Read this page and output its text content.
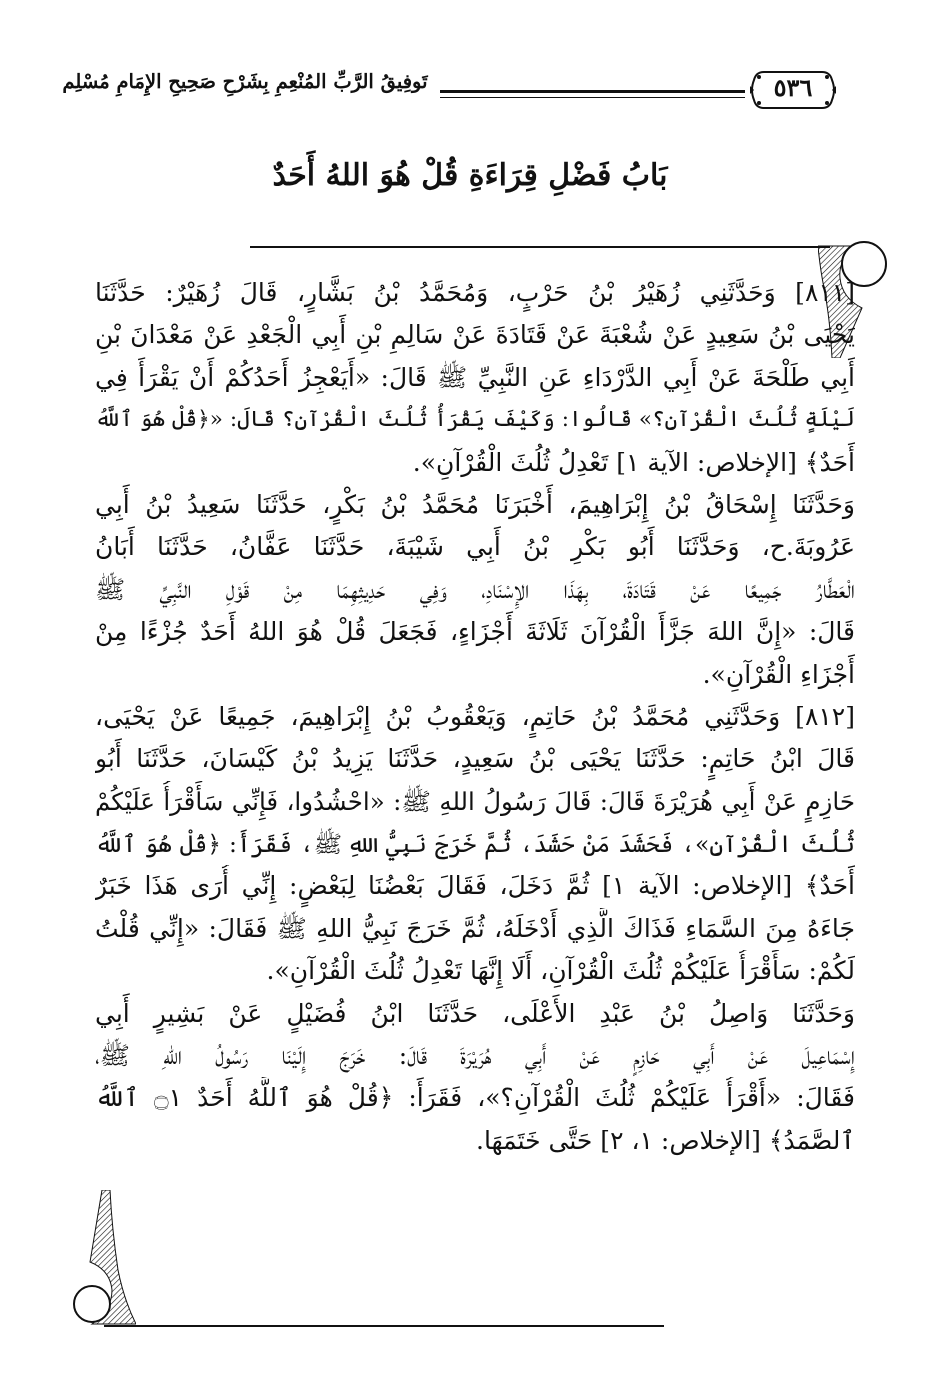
تَوفِيقُ الرَّبِّ المُنْعِمِ بِشَرْحِ صَحِيحِ الإِمَامِ مُسْلِم	٥٣٦
بَابُ فَضْلِ قِرَاءَةِ قُلْ هُوَ اللهُ أَحَدٌ
[٨١١] وَحَدَّثَنِي زُهَيْرُ بْنُ حَرْبٍ، وَمُحَمَّدُ بْنُ بَشَّارٍ، قَالَ زُهَيْرٌ: حَدَّثَنَا
يَحْيَى بْنُ سَعِيدٍ عَنْ شُعْبَةَ عَنْ قَتَادَةَ عَنْ سَالِمِ بْنِ أَبِي الْجَعْدِ عَنْ مَعْدَانَ بْنِ
أَبِي طَلْحَةَ عَنْ أَبِي الدَّرْدَاءِ عَنِ النَّبِيِّ ﷺ قَالَ: «أَيَعْجِزُ أَحَدُكُمْ أَنْ يَقْرَأَ فِي
لَيْلَةٍ ثُلُثَ الْقُرْآنِ؟» قَالُوا: وَكَيْفَ يَقْرَأُ ثُلُثَ الْقُرْآنِ؟ قَالَ: «﴿قُلْ هُوَ ٱللَّهُ
أَحَدٌ﴾ [الإخلاص: الآية ١] تَعْدِلُ ثُلُثَ الْقُرْآنِ».
وَحَدَّثَنَا إِسْحَاقُ بْنُ إِبْرَاهِيمَ، أَخْبَرَنَا مُحَمَّدُ بْنُ بَكْرٍ، حَدَّثَنَا سَعِيدُ بْنُ أَبِي
عَرُوبَةَ.ح، وَحَدَّثَنَا أَبُو بَكْرِ بْنُ أَبِي شَيْبَةَ، حَدَّثَنَا عَفَّانُ، حَدَّثَنَا أَبَانُ
الْعَطَّارُ جَمِيعًا عَنْ قَتَادَةَ، بِهَذَا الإِسْنَادِ، وَفِي حَدِيثِهِمَا مِنْ قَوْلِ النَّبِيِّ ﷺ
قَالَ: «إِنَّ اللهَ جَزَّأَ الْقُرْآنَ ثَلَاثَةَ أَجْزَاءٍ، فَجَعَلَ قُلْ هُوَ اللهُ أَحَدٌ جُزْءًا مِنْ
أَجْزَاءِ الْقُرْآنِ».
[٨١٢] وَحَدَّثَنِي مُحَمَّدُ بْنُ حَاتِمٍ، وَيَعْقُوبُ بْنُ إِبْرَاهِيمَ، جَمِيعًا عَنْ يَحْيَى،
قَالَ ابْنُ حَاتِمٍ: حَدَّثَنَا يَحْيَى بْنُ سَعِيدٍ، حَدَّثَنَا يَزِيدُ بْنُ كَيْسَانَ، حَدَّثَنَا أَبُو
حَازِمٍ عَنْ أَبِي هُرَيْرَةَ قَالَ: قَالَ رَسُولُ اللهِ ﷺ: «احْشُدُوا، فَإِنِّي سَأَقْرَأُ عَلَيْكُمْ
ثُلُثَ الْقُرْآنِ»، فَحَشَدَ مَنْ حَشَدَ، ثُمَّ خَرَجَ نَبِيُّ اللهِ ﷺ، فَقَرَأَ: ﴿قُلْ هُوَ ٱللَّهُ
أَحَدٌ﴾ [الإخلاص: الآية ١] ثُمَّ دَخَلَ، فَقَالَ بَعْضُنَا لِبَعْضٍ: إِنِّي أُرَى هَذَا خَبَرٌ
جَاءَهُ مِنَ السَّمَاءِ فَذَاكَ الَّذِي أَدْخَلَهُ، ثُمَّ خَرَجَ نَبِيُّ اللهِ ﷺ فَقَالَ: «إِنِّي قُلْتُ
لَكُمْ: سَأَقْرَأُ عَلَيْكُمْ ثُلُثَ الْقُرْآنِ، أَلَا إِنَّهَا تَعْدِلُ ثُلُثَ الْقُرْآنِ».
وَحَدَّثَنَا وَاصِلُ بْنُ عَبْدِ الأَعْلَى، حَدَّثَنَا ابْنُ فُضَيْلٍ عَنْ بَشِيرٍ أَبِي
إِسْمَاعِيلَ عَنْ أَبِي حَازِمٍ عَنْ أَبِي هُرَيْرَةَ قَالَ: خَرَجَ إِلَيْنَا رَسُولُ اللهِ ﷺ،
فَقَالَ: «أَقْرَأُ عَلَيْكُمْ ثُلُثَ الْقُرْآنِ؟»، فَقَرَأَ: ﴿قُلْ هُوَ ٱللَّهُ أَحَدٌ ۝١ ٱللَّهُ
ٱلصَّمَدُ﴾ [الإخلاص: ١، ٢] حَتَّى خَتَمَهَا.
